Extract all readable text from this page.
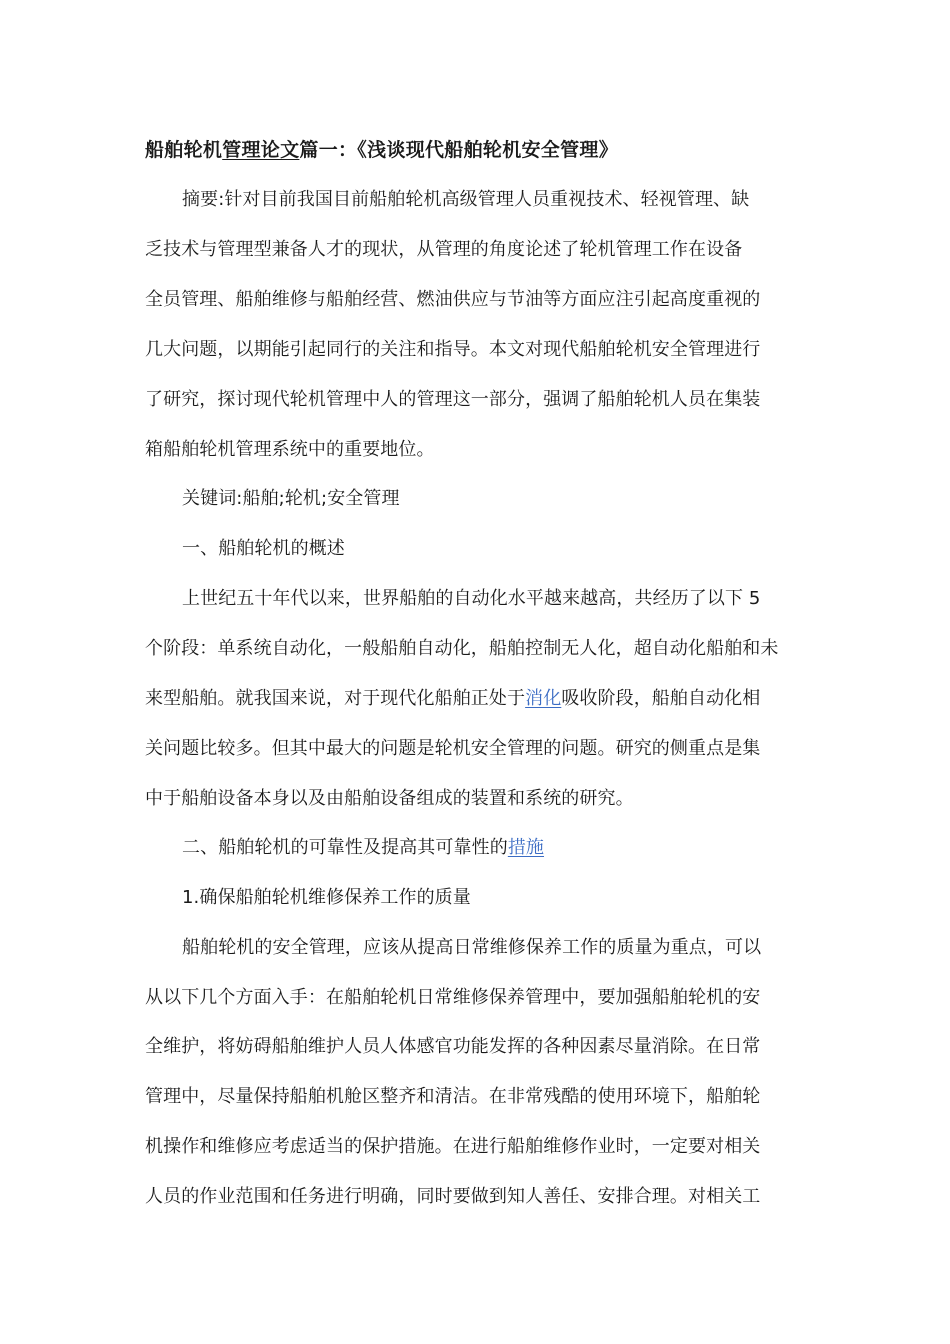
船舶轮机管理论文篇一：《浅谈现代船舶轮机安全管理》
摘要:针对目前我国目前船舶轮机高级管理人员重视技术、轻视管理、缺
乏技术与管理型兼备人才的现状，从管理的角度论述了轮机管理工作在设备
全员管理、船舶维修与船舶经营、燃油供应与节油等方面应注引起高度重视的
几大问题，以期能引起同行的关注和指导。本文对现代船舶轮机安全管理进行
了研究，探讨现代轮机管理中人的管理这一部分，强调了船舶轮机人员在集装
箱船舶轮机管理系统中的重要地位。
关键词:船舶;轮机;安全管理
一、船舶轮机的概述
上世纪五十年代以来，世界船舶的自动化水平越来越高，共经历了以下 5
个阶段：单系统自动化，一般船舶自动化，船舶控制无人化，超自动化船舶和未
来型船舶。就我国来说，对于现代化船舶正处于消化吸收阶段，船舶自动化相
关问题比较多。但其中最大的问题是轮机安全管理的问题。研究的侧重点是集
中于船舶设备本身以及由船舶设备组成的装置和系统的研究。
二、船舶轮机的可靠性及提高其可靠性的措施
1.确保船舶轮机维修保养工作的质量
船舶轮机的安全管理，应该从提高日常维修保养工作的质量为重点，可以
从以下几个方面入手：在船舶轮机日常维修保养管理中，要加强船舶轮机的安
全维护，将妨碍船舶维护人员人体感官功能发挥的各种因素尽量消除。在日常
管理中，尽量保持船舶机舱区整齐和清洁。在非常残酷的使用环境下，船舶轮
机操作和维修应考虑适当的保护措施。在进行船舶维修作业时，一定要对相关
人员的作业范围和任务进行明确，同时要做到知人善任、安排合理。对相关工
